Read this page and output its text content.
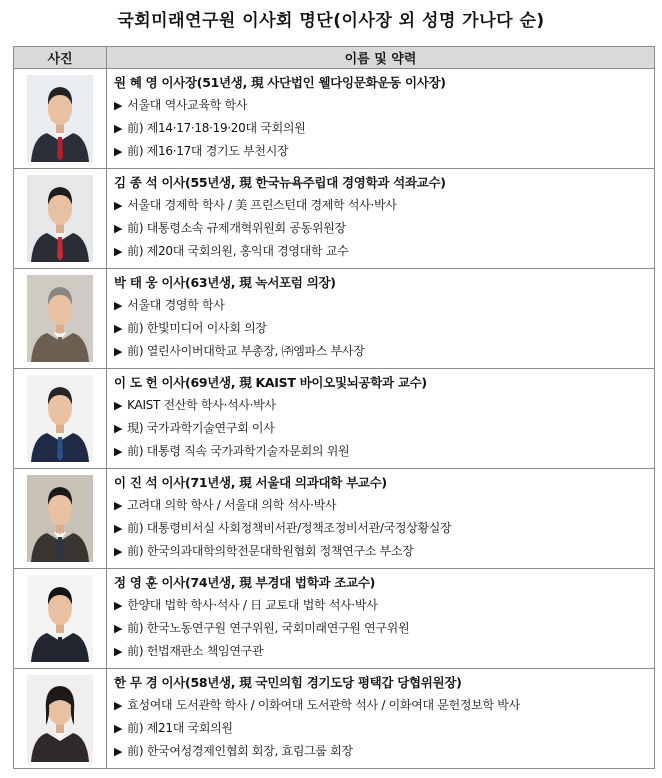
국회미래연구원 이사회 명단(이사장 외 성명 가나다 순)
사진	이름 및 약력

원 혜 영 이사장(51년생, 現 사단법인 웰다잉문화운동 이사장)
▶ 서울대 역사교육학 학사
▶ 前) 제14·17·18·19·20대 국회의원
▶ 前) 제16·17대 경기도 부천시장

김 종 석 이사(55년생, 現 한국뉴욕주립대 경영학과 석좌교수)
▶ 서울대 경제학 학사 / 美 프린스턴대 경제학 석사·박사
▶ 前) 대통령소속 규제개혁위원회 공동위원장
▶ 前) 제20대 국회의원, 홍익대 경영대학 교수

박 태 웅 이사(63년생, 現 녹서포럼 의장)
▶ 서울대 경영학 학사
▶ 前) 한빛미디어 이사회 의장
▶ 前) 열린사이버대학교 부총장, ㈜엠파스 부사장

이 도 헌 이사(69년생, 現 KAIST 바이오및뇌공학과 교수)
▶ KAIST 전산학 학사·석사·박사
▶ 現) 국가과학기술연구회 이사
▶ 前) 대통령 직속 국가과학기술자문회의 위원

이 진 석 이사(71년생, 現 서울대 의과대학 부교수)
▶ 고려대 의학 학사 / 서울대 의학 석사·박사
▶ 前) 대통령비서실 사회정책비서관/정책조정비서관/국정상황실장
▶ 前) 한국의과대학의학전문대학원협회 정책연구소 부소장

정 영 훈 이사(74년생, 現 부경대 법학과 조교수)
▶ 한양대 법학 학사·석사 / 日 교토대 법학 석사·박사
▶ 前) 한국노동연구원 연구위원, 국회미래연구원 연구위원
▶ 前) 헌법재판소 책임연구관

한 무 경 이사(58년생, 現 국민의힘 경기도당 평택갑 당협위원장)
▶ 효성여대 도서관학 학사 / 이화여대 도서관학 석사 / 이화여대 문헌정보학 박사
▶ 前) 제21대 국회의원
▶ 前) 한국여성경제인협회 회장, 효림그룹 회장
